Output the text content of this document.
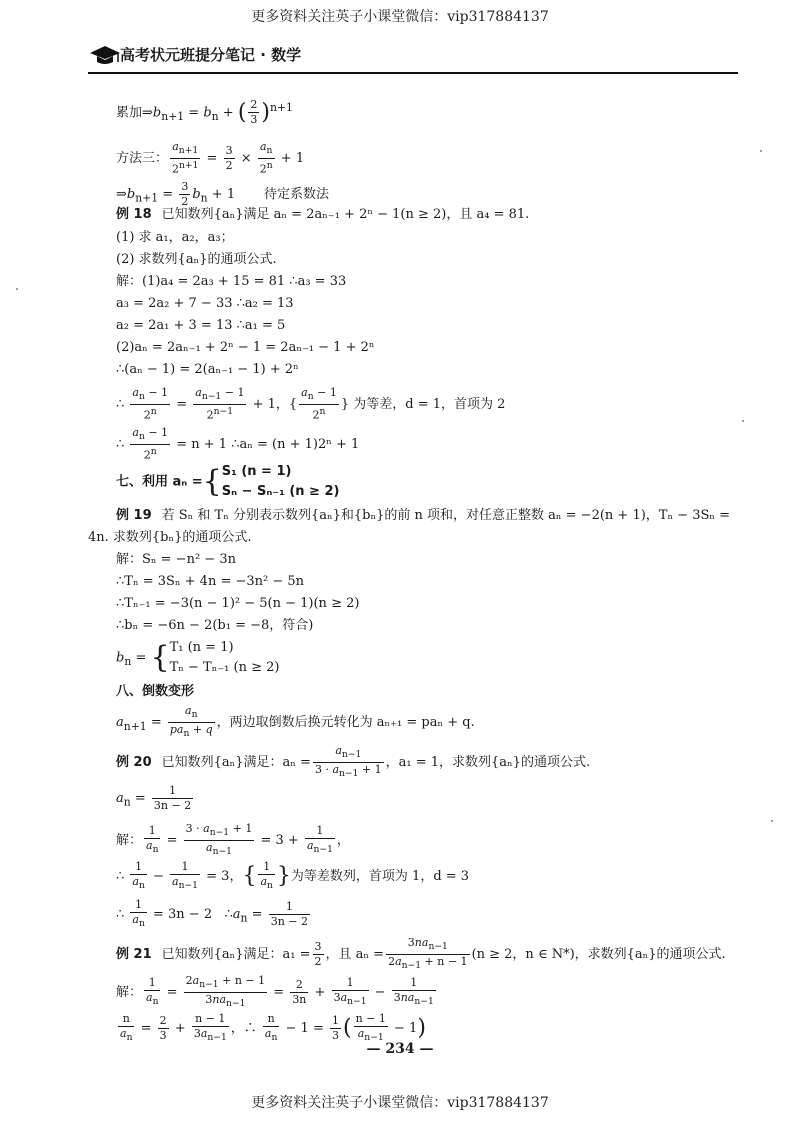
更多资料关注英子小课堂微信：vip317884137
高考状元班提分笔记 · 数学
累加$\Rightarrow b_{n+1} = b_n$ + ( $\frac{2}{3} )^{n+1}$
方法三： $\frac{a_{n+1}}{2^{n+1}} = \frac{3}{2} \times \frac{a_n}{2^n} + 1$
$\Rightarrow b_{n+1} = \frac{3}{2} b_n + 1$       待定系数法
例 18 已知数列{aₙ}满足 aₙ = 2aₙ₋₁ + 2ⁿ − 1(n ≥ 2)，且 a₄ = 81.
(1) 求 a₁，a₂，a₃；
(2) 求数列{aₙ}的通项公式.
解：(1)a₄ = 2a₃ + 15 = 81 ∴a₃ = 33
a₃ = 2a₂ + 7 − 33 ∴a₂ = 13
a₂ = 2a₁ + 3 = 13 ∴a₁ = 5
(2)aₙ = 2aₙ₋₁ + 2ⁿ − 1 = 2aₙ₋₁ − 1 + 2ⁿ
∴(aₙ − 1) = 2(aₙ₋₁ − 1) + 2ⁿ
∴ $\frac{a_n - 1}{2^n} = \frac{a_{n-1} - 1}{2^{n-1}} + 1$，{ $\frac{a_n - 1}{2^n}$ } 为等差，d = 1，首项为 2
∴ $\frac{a_n - 1}{2^n} = n + 1$ ∴aₙ = (n + 1)2ⁿ + 1
七、利用 aₙ ={ S₁ (n = 1)
Sₙ − Sₙ₋₁ (n ≥ 2)
例 19 若 Sₙ 和 Tₙ 分别表示数列{aₙ}和{bₙ}的前 n 项和，对任意正整数 aₙ = −2(n + 1)，Tₙ − 3Sₙ =
4n. 求数列{bₙ}的通项公式.
解：Sₙ = −n² − 3n
∴Tₙ = 3Sₙ + 4n = −3n² − 5n
∴Tₙ₋₁ = −3(n − 1)² − 5(n − 1)(n ≥ 2)
∴bₙ = −6n − 2(b₁ = −8，符合)
$b_n$ = { T₁ (n = 1)
Tₙ − Tₙ₋₁ (n ≥ 2)
八、倒数变形
$a_{n+1}$ =
$a_n$
$pa_n + q$ ，两边取倒数后换元转化为 aₙ₊₁ = paₙ + q.
例 20 已知数列{aₙ}满足：$a_n = \frac{a_{n-1}}{3 \cdot a_{n-1} + 1}$ ，a₁ = 1，求数列{aₙ}的通项公式.
$a_n = \frac{1}{3n - 2}$
解： $\frac{1}{a_n} = \frac{3 \cdot a_{n-1} + 1}{a_{n-1}} = 3 + \frac{1}{a_{n-1}}$ ，
∴ $\frac{1}{a_n} - \frac{1}{a_{n-1}} = 3$，{ $\frac{1}{a_n}$ }为等差数列，首项为 1，d = 3
∴ $\frac{1}{a_n} = 3n - 2$   $\therefore a_n = \frac{1}{3n - 2}$
例 21 已知数列{aₙ}满足：$a_1 = \frac{3}{2}$ ，且 aₙ =
$3na_{n-1}$
$2a_{n-1} + n - 1$ (n ≥ 2，n ∈ N*)，求数列{aₙ}的通项公式.
解： $\frac{1}{a_n}$ =
$2a_{n-1} + n - 1$
$3na_{n-1}$
= $\frac{2}{3n} + \frac{1}{3a_{n-1}}$ −
1
$3na_{n-1}$
$\frac{n}{a_n} = \frac{2}{3} + \frac{n - 1}{3a_{n-1}}$ ，∴ $\frac{n}{a_n} - 1 = \frac{1}{3}$ ( $\frac{n - 1}{a_{n-1}} - 1$)
— 234 —
更多资料关注英子小课堂微信：vip317884137
